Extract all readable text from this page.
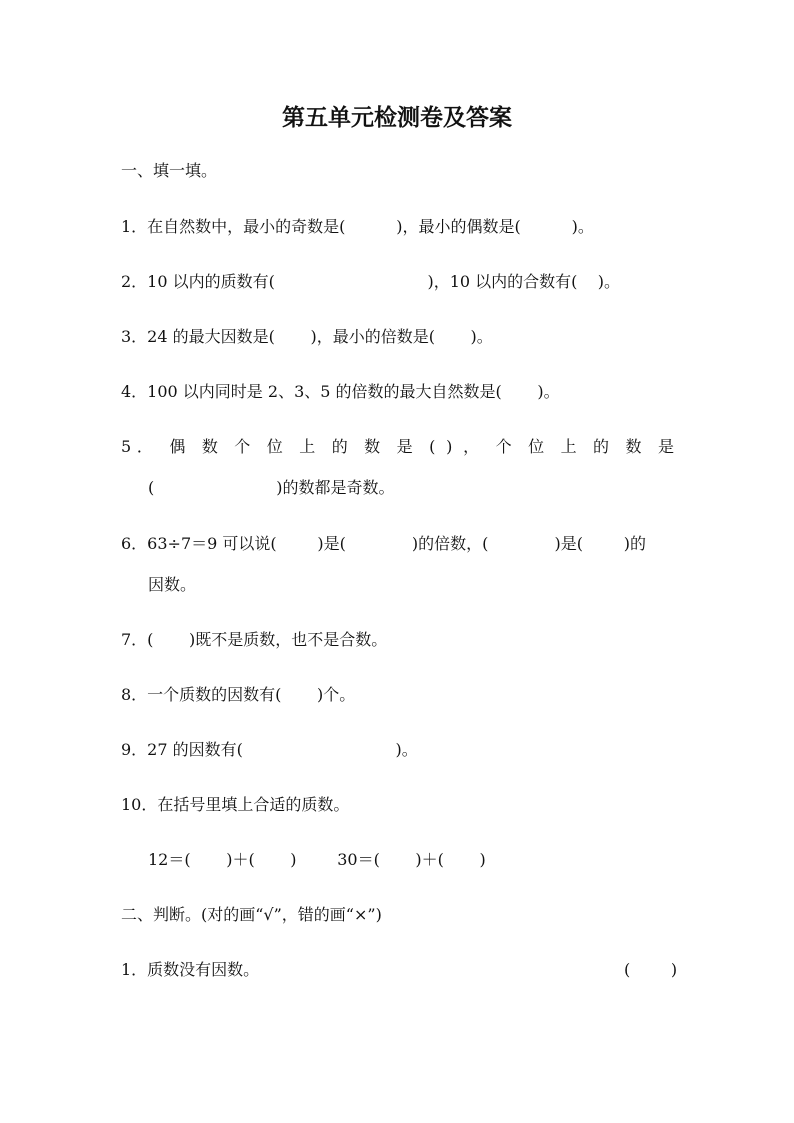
第五单元检测卷及答案
一、填一填。
1．在自然数中，最小的奇数是(          )，最小的偶数是(          )。
2．10 以内的质数有(                              )，10 以内的合数有(    )。
3．24 的最大因数是(       )，最小的倍数是(       )。
4．100 以内同时是 2、3、5 的倍数的最大自然数是(       )。
5． 偶 数 个 位 上 的 数 是 ( ) ， 个 位 上 的 数 是
(                        )的数都是奇数。
6．63÷7＝9 可以说(        )是(             )的倍数，(             )是(        )的
因数。
7．(       )既不是质数，也不是合数。
8．一个质数的因数有(       )个。
9．27 的因数有(                              )。
10．在括号里填上合适的质数。
12＝(       )＋(       )        30＝(       )＋(       )
二、判断。(对的画“√”，错的画“×”)
1．质数没有因数。	(        )
